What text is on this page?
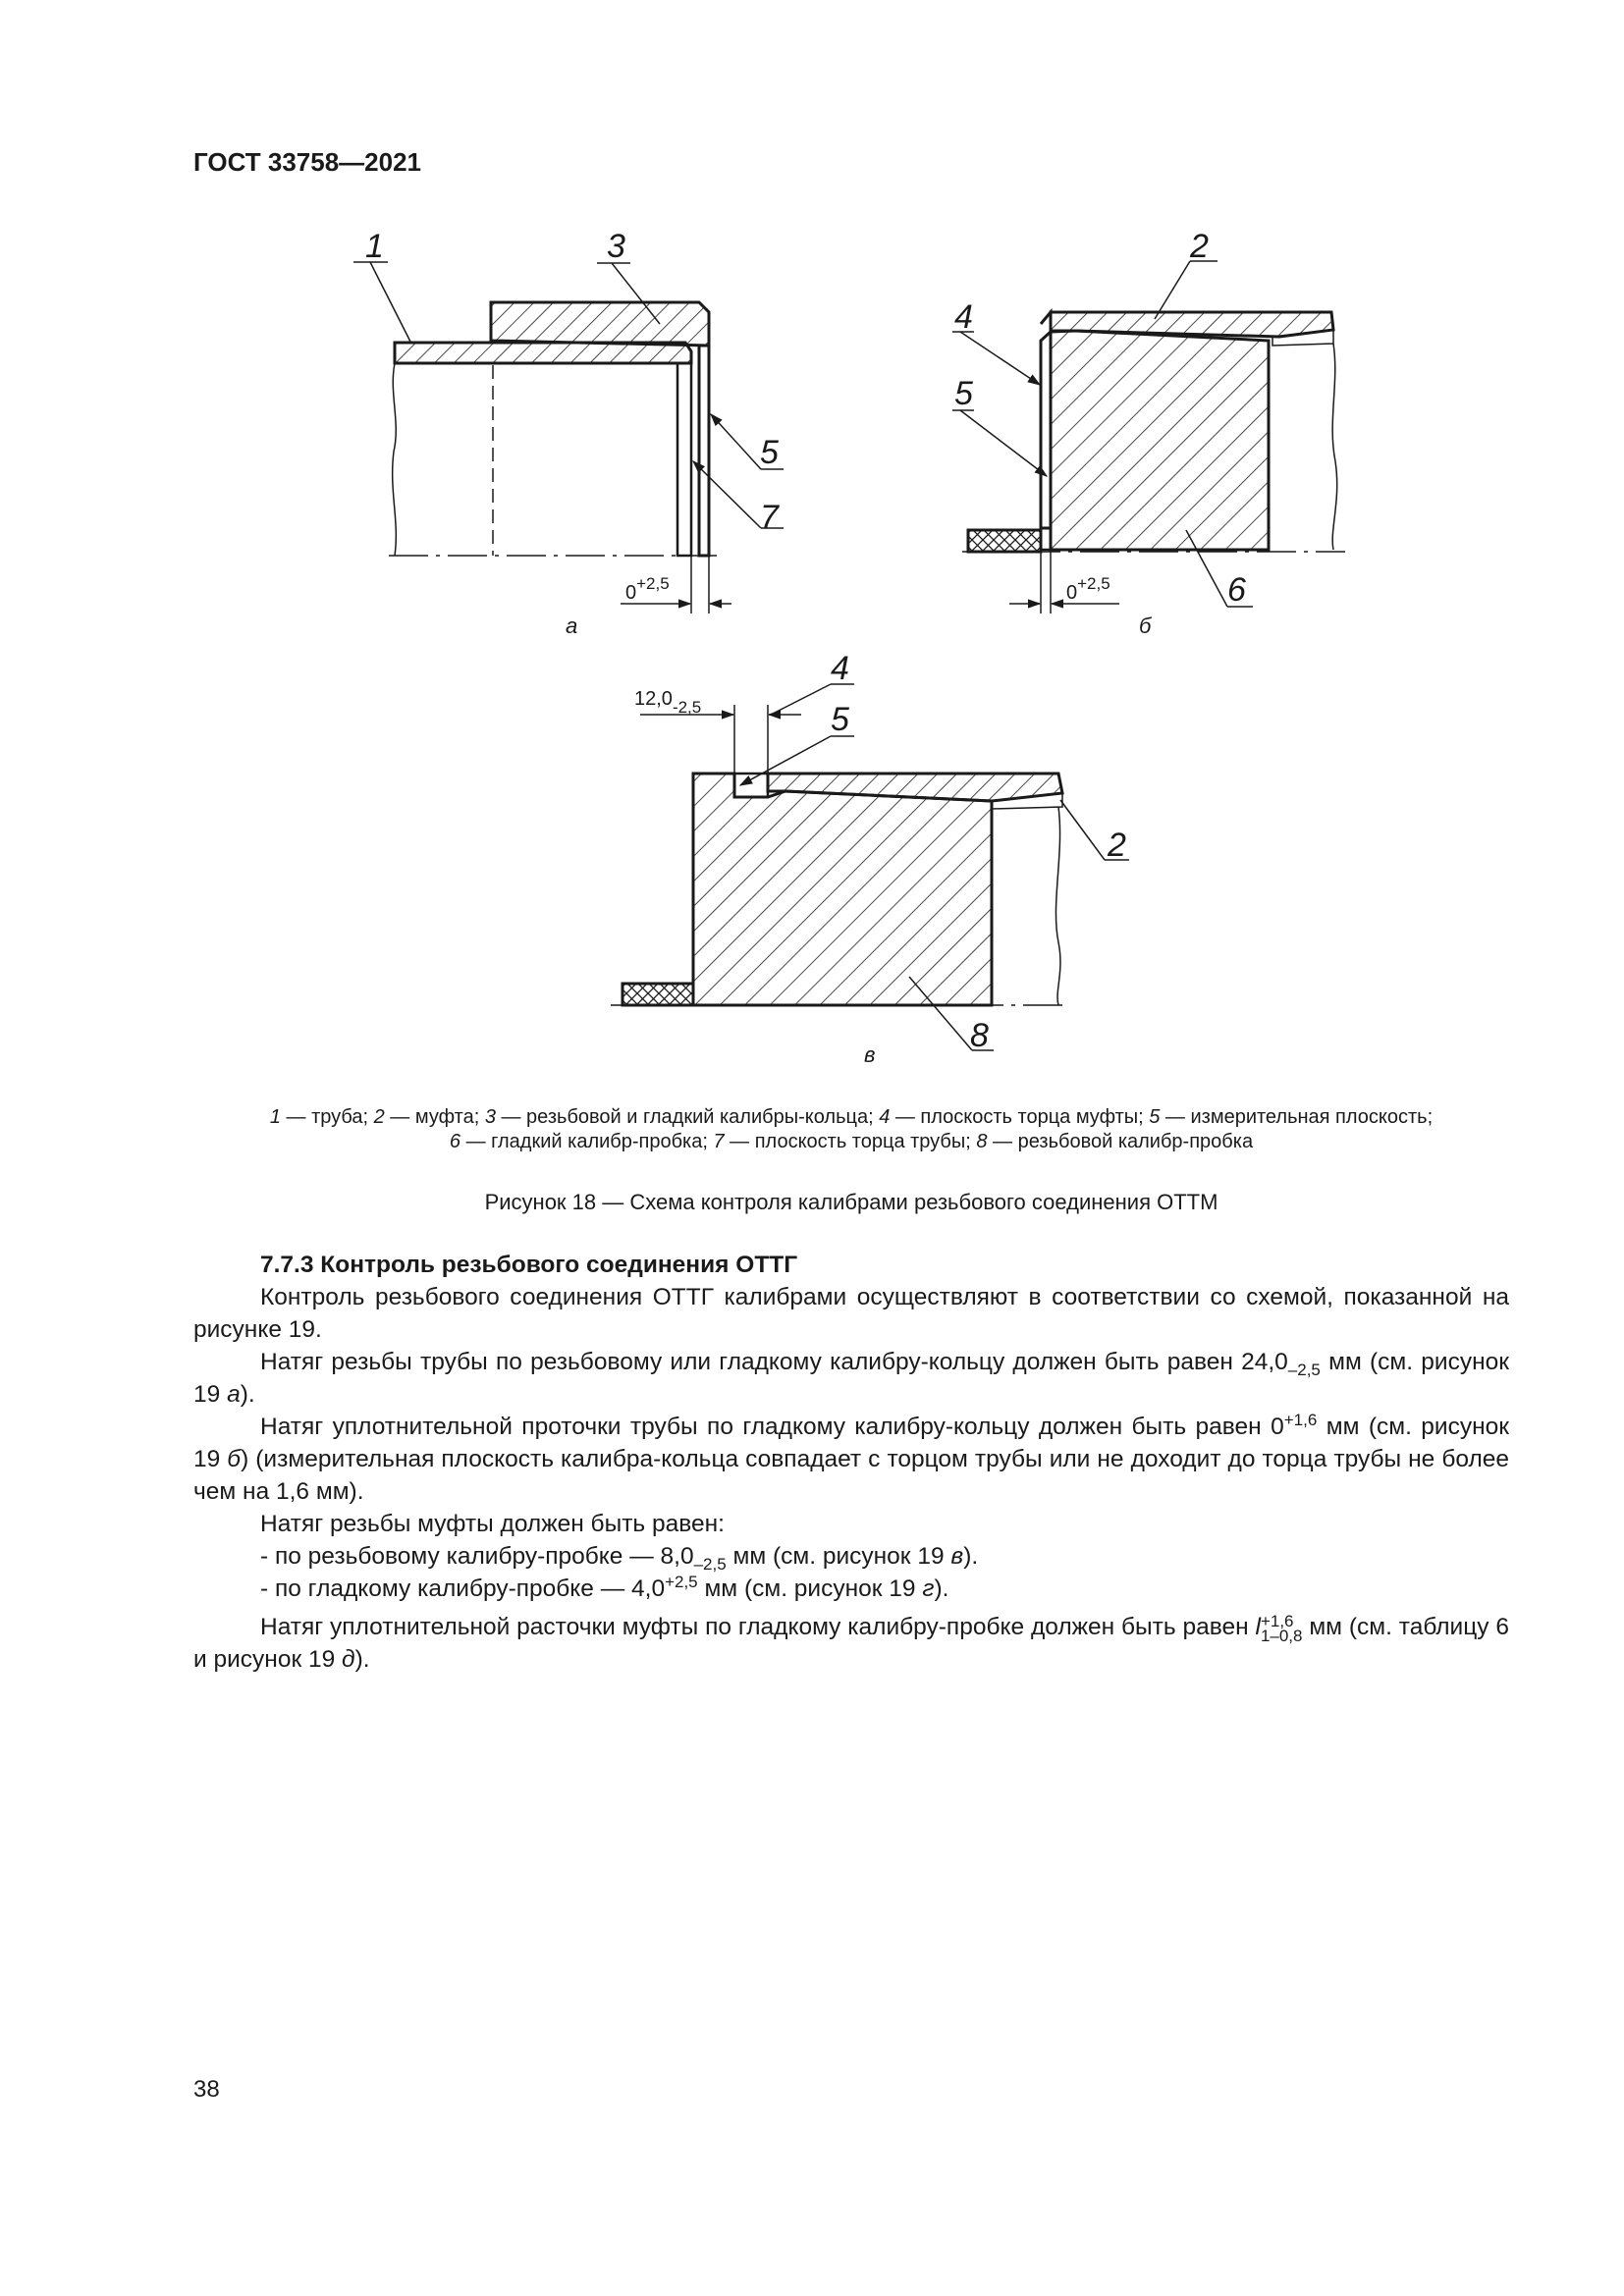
ГОСТ 33758—2021
1	3
5
7
$0^{+2,5}$
а
2
4
5
6
$0^{+2,5}$
б
4
5
2
8
$12,0_{-2,5}$
в
1 — труба; 2 — муфта; 3 — резьбовой и гладкий калибры-кольца; 4 — плоскость торца муфты; 5 — измерительная плоскость;
6 — гладкий калибр-пробка; 7 — плоскость торца трубы; 8 — резьбовой калибр-пробка
Рисунок 18 — Схема контроля калибрами резьбового соединения ОТТМ
7.7.3 Контроль резьбового соединения ОТТГ

Контроль резьбового соединения ОТТГ калибрами осуществляют в соответствии со схемой, показанной на рисунке 19.

Натяг резьбы трубы по резьбовому или гладкому калибру-кольцу должен быть равен $24,0_{-2,5}$ мм (см. рисунок 19 а).

Натяг уплотнительной проточки трубы по гладкому калибру-кольцу должен быть равен $0^{+1,6}$ мм (см. рисунок 19 б) (измерительная плоскость калибра-кольца совпадает с торцом трубы или не доходит до торца трубы не более чем на 1,6 мм).

Натяг резьбы муфты должен быть равен:

- по резьбовому калибру-пробке — $8,0_{-2,5}$ мм (см. рисунок 19 в).

- по гладкому калибру-пробке — $4,0^{+2,5}$ мм (см. рисунок 19 г).

Натяг уплотнительной расточки муфты по гладкому калибру-пробке должен быть равен l +1,6
1–0,8 мм (см. таблицу 6 и рисунок 19 д).

38
